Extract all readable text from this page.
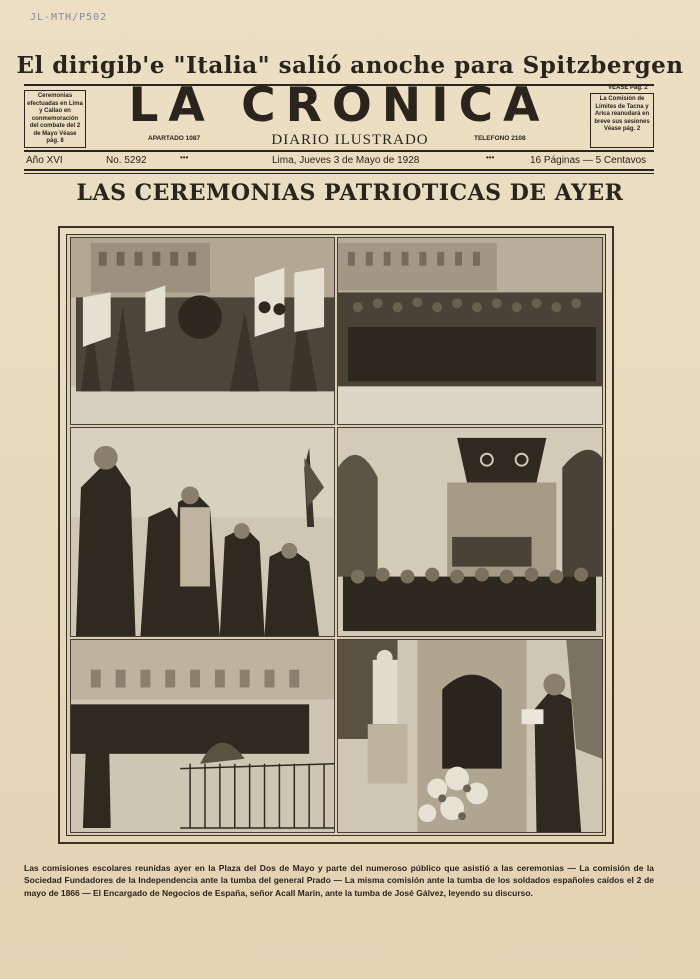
JL-MTH/P502
El dirigib'e "Italia" salió anoche para Spitzbergen
Ceremonias efectuadas en Lima y Callao en conmemoración del combate del 2 de Mayo Véase pág. 8
VEASE Pág. 2
La Comisión de Límites de Tacna y Arica reanudará en breve sus sesiones Véase pág. 2
LA CRONICA
APARTADO 1087	TELEFONO 2108
DIARIO ILUSTRADO
Año XVI	No. 5292	•••	Lima, Jueves 3 de Mayo de 1928	•••	16 Páginas — 5 Centavos
LAS CEREMONIAS PATRIOTICAS DE AYER
Las comisiones escolares reunidas ayer en la Plaza del Dos de Mayo y parte del numeroso público que asistió a las ceremonias — La comisión de la Sociedad Fundadores de la Independencia ante la tumba del general Prado — La misma comisión ante la tumba de los soldados españoles caídos el 2 de mayo de 1866 — El Encargado de Negocios de España, señor Acall Marín, ante la tumba de José Gálvez, leyendo su discurso.
